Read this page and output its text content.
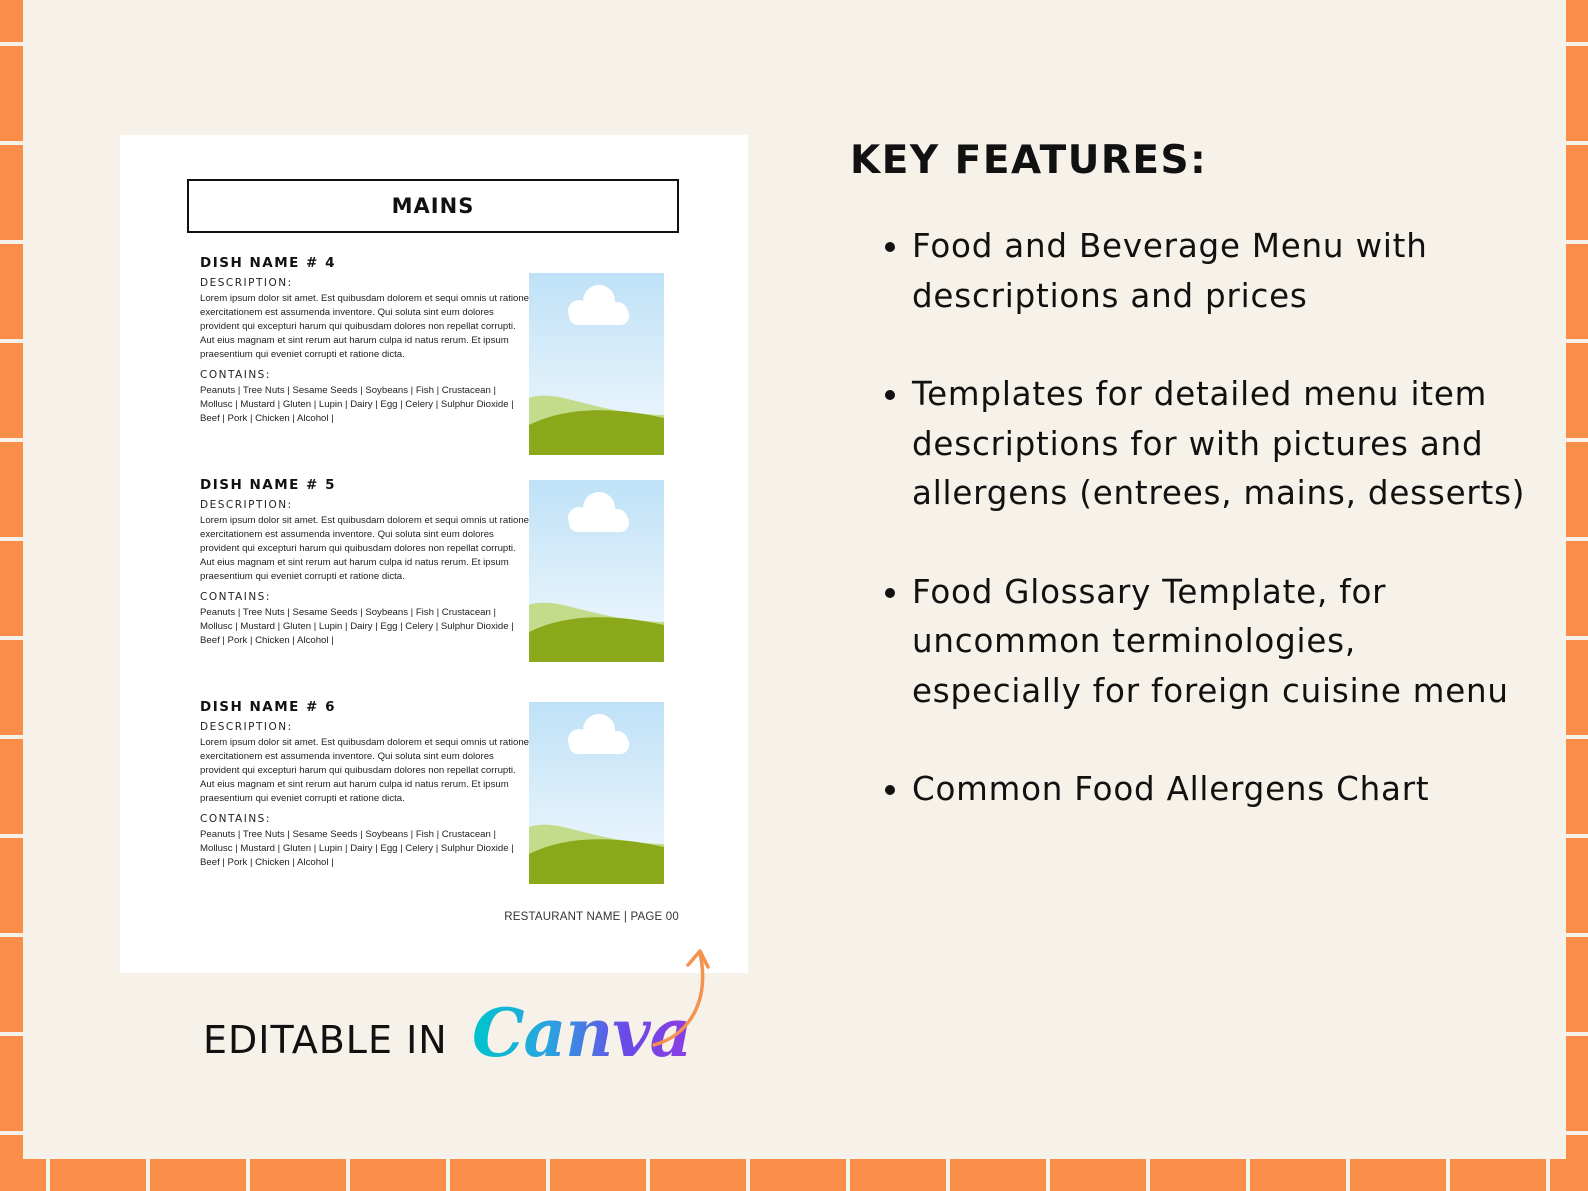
MAINS
DISH NAME # 4
DESCRIPTION:
Lorem ipsum dolor sit amet. Est quibusdam dolorem et sequi omnis ut ratione exercitationem est assumenda inventore. Qui soluta sint eum dolores provident qui excepturi harum qui quibusdam dolores non repellat corrupti. Aut eius magnam et sint rerum aut harum culpa id natus rerum. Et ipsum praesentium qui eveniet corrupti et ratione dicta.
CONTAINS:
Peanuts | Tree Nuts | Sesame Seeds | Soybeans | Fish | Crustacean | Mollusc | Mustard | Gluten | Lupin | Dairy | Egg | Celery | Sulphur Dioxide | Beef | Pork | Chicken | Alcohol |
DISH NAME # 5
DESCRIPTION:
Lorem ipsum dolor sit amet. Est quibusdam dolorem et sequi omnis ut ratione exercitationem est assumenda inventore. Qui soluta sint eum dolores provident qui excepturi harum qui quibusdam dolores non repellat corrupti. Aut eius magnam et sint rerum aut harum culpa id natus rerum. Et ipsum praesentium qui eveniet corrupti et ratione dicta.
CONTAINS:
Peanuts | Tree Nuts | Sesame Seeds | Soybeans | Fish | Crustacean | Mollusc | Mustard | Gluten | Lupin | Dairy | Egg | Celery | Sulphur Dioxide | Beef | Pork | Chicken | Alcohol |
DISH NAME # 6
DESCRIPTION:
Lorem ipsum dolor sit amet. Est quibusdam dolorem et sequi omnis ut ratione exercitationem est assumenda inventore. Qui soluta sint eum dolores provident qui excepturi harum qui quibusdam dolores non repellat corrupti. Aut eius magnam et sint rerum aut harum culpa id natus rerum. Et ipsum praesentium qui eveniet corrupti et ratione dicta.
CONTAINS:
Peanuts | Tree Nuts | Sesame Seeds | Soybeans | Fish | Crustacean | Mollusc | Mustard | Gluten | Lupin | Dairy | Egg | Celery | Sulphur Dioxide | Beef | Pork | Chicken | Alcohol |
RESTAURANT NAME | PAGE 00
EDITABLE IN Canva
KEY FEATURES:
Food and Beverage Menu with descriptions and prices
Templates for detailed menu item descriptions for with pictures and allergens (entrees, mains, desserts)
Food Glossary Template, for uncommon terminologies, especially for foreign cuisine menu
Common Food Allergens Chart
